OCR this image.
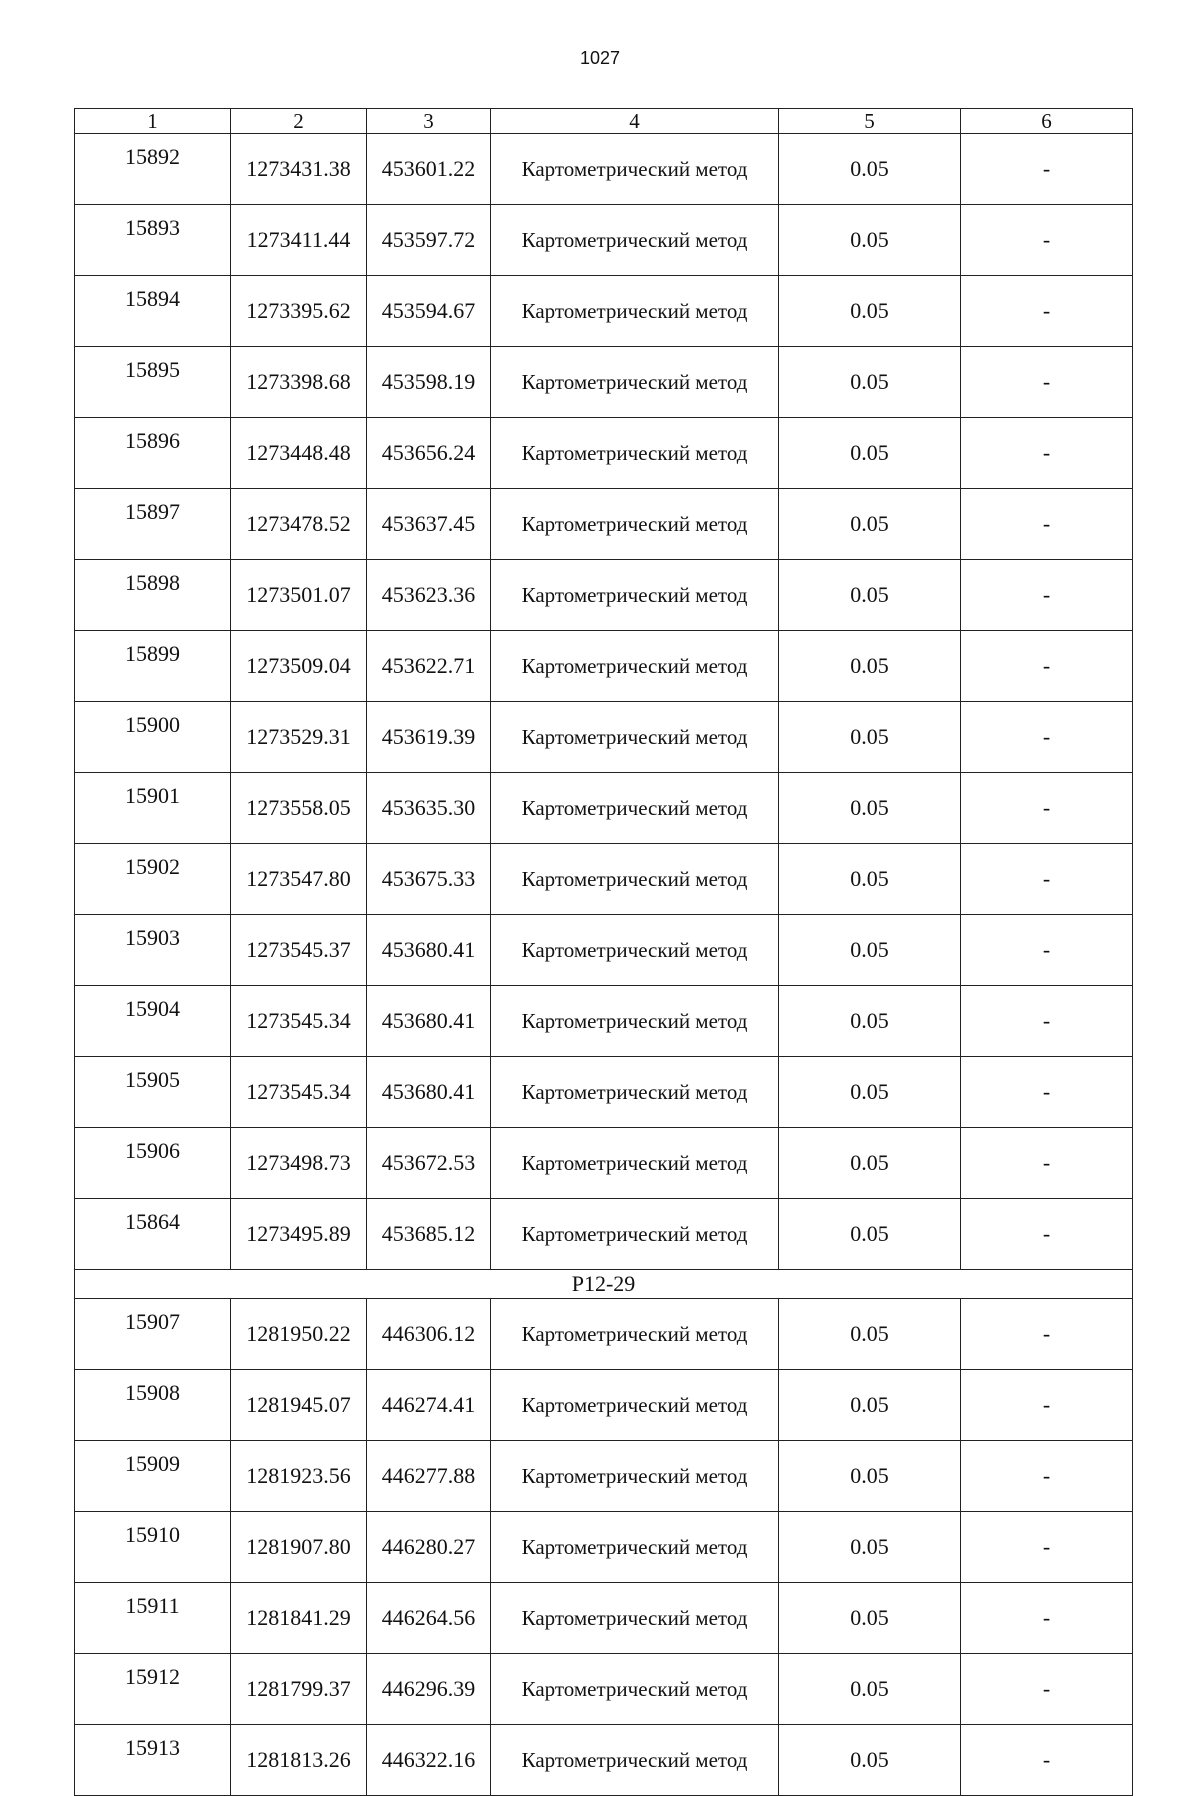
1027
1	2	3	4	5	6
15892	1273431.38	453601.22	Картометрический метод	0.05	-
15893	1273411.44	453597.72	Картометрический метод	0.05	-
15894	1273395.62	453594.67	Картометрический метод	0.05	-
15895	1273398.68	453598.19	Картометрический метод	0.05	-
15896	1273448.48	453656.24	Картометрический метод	0.05	-
15897	1273478.52	453637.45	Картометрический метод	0.05	-
15898	1273501.07	453623.36	Картометрический метод	0.05	-
15899	1273509.04	453622.71	Картометрический метод	0.05	-
15900	1273529.31	453619.39	Картометрический метод	0.05	-
15901	1273558.05	453635.30	Картометрический метод	0.05	-
15902	1273547.80	453675.33	Картометрический метод	0.05	-
15903	1273545.37	453680.41	Картометрический метод	0.05	-
15904	1273545.34	453680.41	Картометрический метод	0.05	-
15905	1273545.34	453680.41	Картометрический метод	0.05	-
15906	1273498.73	453672.53	Картометрический метод	0.05	-
15864	1273495.89	453685.12	Картометрический метод	0.05	-
Р12-29					
15907	1281950.22	446306.12	Картометрический метод	0.05	-
15908	1281945.07	446274.41	Картометрический метод	0.05	-
15909	1281923.56	446277.88	Картометрический метод	0.05	-
15910	1281907.80	446280.27	Картометрический метод	0.05	-
15911	1281841.29	446264.56	Картометрический метод	0.05	-
15912	1281799.37	446296.39	Картометрический метод	0.05	-
15913	1281813.26	446322.16	Картометрический метод	0.05	-
